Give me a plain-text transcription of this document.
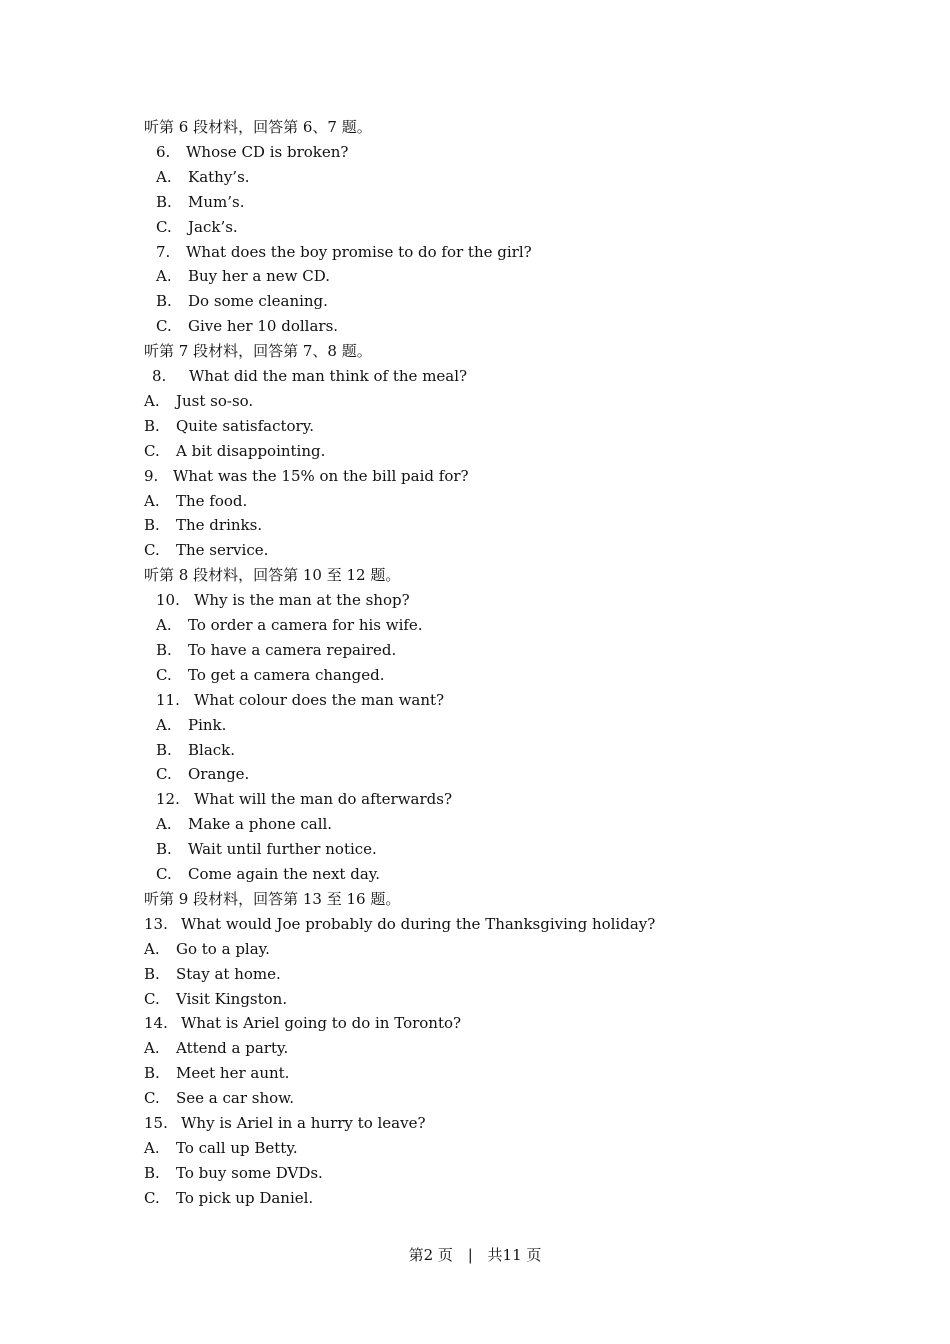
听第 6 段材料，回答第 6、7 题。
6. Whose CD is broken?
A. Kathy’s.
B. Mum’s.
C. Jack’s.
7. What does the boy promise to do for the girl?
A. Buy her a new CD.
B. Do some cleaning.
C. Give her 10 dollars.
听第 7 段材料，回答第 7、8 题。
8. What did the man think of the meal?
A. Just so-so.
B. Quite satisfactory.
C. A bit disappointing.
9. What was the 15% on the bill paid for?
A. The food.
B. The drinks.
C. The service.
听第 8 段材料，回答第 10 至 12 题。
10. Why is the man at the shop?
A. To order a camera for his wife.
B. To have a camera repaired.
C. To get a camera changed.
11. What colour does the man want?
A. Pink.
B. Black.
C. Orange.
12. What will the man do afterwards?
A. Make a phone call.
B. Wait until further notice.
C. Come again the next day.
听第 9 段材料，回答第 13 至 16 题。
13. What would Joe probably do during the Thanksgiving holiday?
A. Go to a play.
B. Stay at home.
C. Visit Kingston.
14. What is Ariel going to do in Toronto?
A. Attend a party.
B. Meet her aunt.
C. See a car show.
15. Why is Ariel in a hurry to leave?
A. To call up Betty.
B. To buy some DVDs.
C. To pick up Daniel.
第2 页 | 共11 页
